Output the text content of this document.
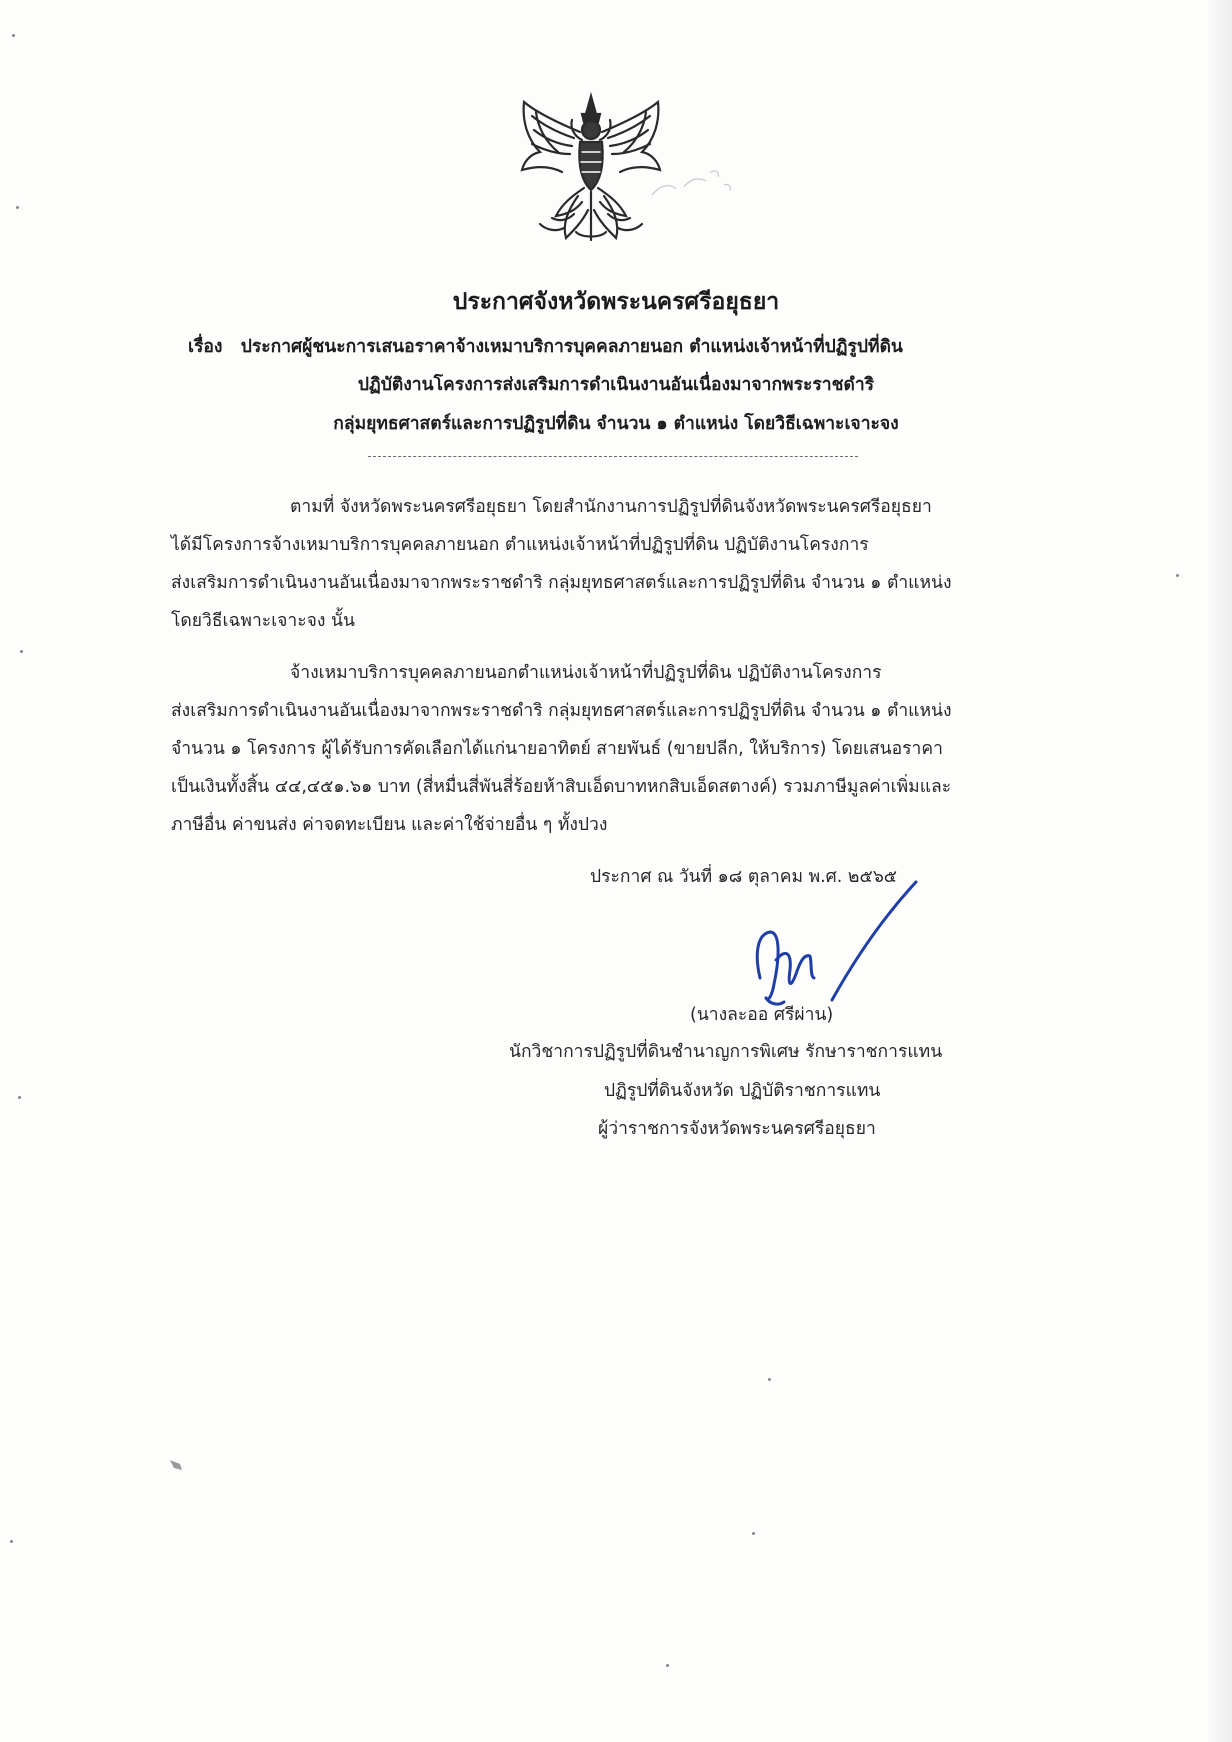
ประกาศจังหวัดพระนครศรีอยุธยา
เรื่อง ประกาศผู้ชนะการเสนอราคาจ้างเหมาบริการบุคคลภายนอก ตำแหน่งเจ้าหน้าที่ปฏิรูปที่ดิน
ปฏิบัติงานโครงการส่งเสริมการดำเนินงานอันเนื่องมาจากพระราชดำริ
กลุ่มยุทธศาสตร์และการปฏิรูปที่ดิน จำนวน ๑ ตำแหน่ง โดยวิธีเฉพาะเจาะจง
ตามที่ จังหวัดพระนครศรีอยุธยา โดยสำนักงานการปฏิรูปที่ดินจังหวัดพระนครศรีอยุธยา
ได้มีโครงการจ้างเหมาบริการบุคคลภายนอก ตำแหน่งเจ้าหน้าที่ปฏิรูปที่ดิน ปฏิบัติงานโครงการ
ส่งเสริมการดำเนินงานอันเนื่องมาจากพระราชดำริ กลุ่มยุทธศาสตร์และการปฏิรูปที่ดิน จำนวน ๑ ตำแหน่ง
โดยวิธีเฉพาะเจาะจง นั้น
จ้างเหมาบริการบุคคลภายนอกตำแหน่งเจ้าหน้าที่ปฏิรูปที่ดิน ปฏิบัติงานโครงการ
ส่งเสริมการดำเนินงานอันเนื่องมาจากพระราชดำริ กลุ่มยุทธศาสตร์และการปฏิรูปที่ดิน จำนวน ๑ ตำแหน่ง
จำนวน ๑ โครงการ ผู้ได้รับการคัดเลือกได้แก่นายอาทิตย์ สายพันธ์ (ขายปลีก, ให้บริการ) โดยเสนอราคา
เป็นเงินทั้งสิ้น ๔๔,๔๕๑.๖๑ บาท (สี่หมื่นสี่พันสี่ร้อยห้าสิบเอ็ดบาทหกสิบเอ็ดสตางค์) รวมภาษีมูลค่าเพิ่มและ
ภาษีอื่น ค่าขนส่ง ค่าจดทะเบียน และค่าใช้จ่ายอื่น ๆ ทั้งปวง
ประกาศ ณ วันที่ ๑๘ ตุลาคม พ.ศ. ๒๕๖๕
(นางละออ ศรีผ่าน)
นักวิชาการปฏิรูปที่ดินชำนาญการพิเศษ รักษาราชการแทน
ปฏิรูปที่ดินจังหวัด ปฏิบัติราชการแทน
ผู้ว่าราชการจังหวัดพระนครศรีอยุธยา
